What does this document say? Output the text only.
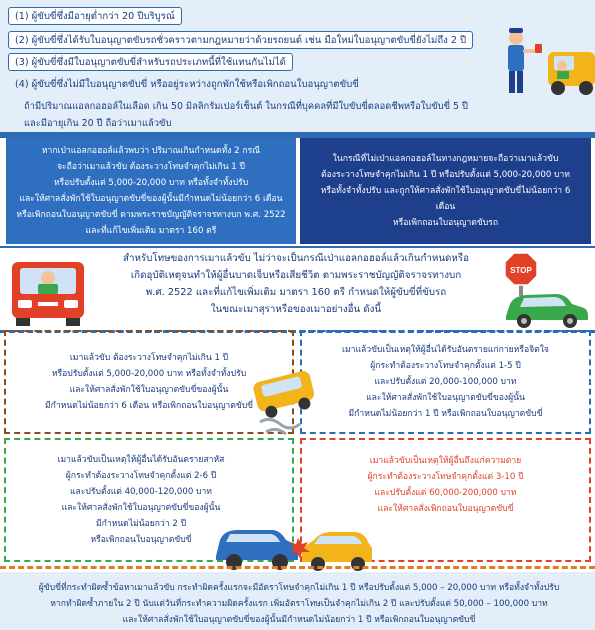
(1) ผู้ขับขี่ซึ่งมีอายุต่ำกว่า 20 ปีบริบูรณ์
(2) ผู้ขับขี่ซึ่งได้รับใบอนุญาตขับรถชั่วคราวตามกฎหมายว่าด้วยรถยนต์ เช่น มือใหม่ใบอนุญาตขับขี่ยังไม่ถึง 2 ปี
(3) ผู้ขับขี่ซึ่งมีใบอนุญาตขับขี่สำหรับรถประเภทนี้ที่ใช้แทนกันไม่ได้
(4) ผู้ขับขี่ซึ่งไม่มีใบอนุญาตขับขี่ หรืออยู่ระหว่างถูกพักใช้หรือเพิกถอนใบอนุญาตขับขี่
ถ้ามีปริมาณแอลกอฮอล์ในเลือด เกิน 50 มิลลิกรัมเปอร์เซ็นต์ ในกรณีที่บุคคลที่มีใบขับขี่ตลอดชีพหรือใบขับขี่ 5 ปี
และมีอายุเกิน 20 ปี ถือว่าเมาแล้วขับ
หากเป่าแอลกอฮอล์แล้วพบว่า ปริมาณเกินกำหนดทั้ง 2 กรณี
จะถือว่าเมาแล้วขับ ต้องระวางโทษจำคุกไม่เกิน 1 ปี
หรือปรับตั้งแต่ 5,000-20,000 บาท หรือทั้งจำทั้งปรับ
และให้ศาลสั่งพักใช้ใบอนุญาตขับขี่ของผู้นั้นมีกำหนดไม่น้อยกว่า 6 เดือน
หรือเพิกถอนใบอนุญาตขับขี่ ตามพระราชบัญญัติจราจรทางบก พ.ศ. 2522
และที่แก้ไขเพิ่มเติม มาตรา 160 ตรี
ในกรณีที่ไม่เป่าแอลกอฮอล์ในทางกฎหมายจะถือว่าเมาแล้วขับ
ต้องระวางโทษจำคุกไม่เกิน 1 ปี หรือปรับตั้งแต่ 5,000-20,000 บาท
หรือทั้งจำทั้งปรับ และถูกให้ศาลสั่งพักใช้ใบอนุญาตขับขี่ไม่น้อยกว่า 6 เดือน
หรือเพิกถอนใบอนุญาตขับรถ
สำหรับโทษของการเมาแล้วขับ ไม่ว่าจะเป็นกรณีเป่าแอลกอฮอล์แล้วเกินกำหนดหรือ
เกิดอุบัติเหตุจนทำให้ผู้อื่นบาดเจ็บหรือเสียชีวิต ตามพระราชบัญญัติจราจรทางบก
พ.ศ. 2522 และที่แก้ไขเพิ่มเติม มาตรา 160 ตรี กำหนดให้ผู้ขับขี่ที่ขับรถ
ในขณะเมาสุราหรือของเมาอย่างอื่น ดังนี้
STOP
เมาแล้วขับ ต้องระวางโทษจำคุกไม่เกิน 1 ปี
หรือปรับตั้งแต่ 5,000-20,000 บาท หรือทั้งจำทั้งปรับ
และให้ศาลสั่งพักใช้ใบอนุญาตขับขี่ของผู้นั้น
มีกำหนดไม่น้อยกว่า 6 เดือน หรือเพิกถอนใบอนุญาตขับขี่
เมาแล้วขับเป็นเหตุให้ผู้อื่นได้รับอันตรายแก่กายหรือจิตใจ
ผู้กระทำต้องระวางโทษจำคุกตั้งแต่ 1-5 ปี
และปรับตั้งแต่ 20,000-100,000 บาท
และให้ศาลสั่งพักใช้ใบอนุญาตขับขี่ของผู้นั้น
มีกำหนดไม่น้อยกว่า 1 ปี หรือเพิกถอนใบอนุญาตขับขี่
เมาแล้วขับเป็นเหตุให้ผู้อื่นได้รับอันตรายสาหัส
ผู้กระทำต้องระวางโทษจำคุกตั้งแต่ 2-6 ปี
และปรับตั้งแต่ 40,000-120,000 บาท
และให้ศาลสั่งพักใช้ใบอนุญาตขับขี่ของผู้นั้น
มีกำหนดไม่น้อยกว่า 2 ปี
หรือเพิกถอนใบอนุญาตขับขี่
เมาแล้วขับเป็นเหตุให้ผู้อื่นถึงแก่ความตาย
ผู้กระทำต้องระวางโทษจำคุกตั้งแต่ 3-10 ปี
และปรับตั้งแต่ 60,000-200,000 บาท
และให้ศาลสั่งเพิกถอนใบอนุญาตขับขี่
ผู้ขับขี่ที่กระทำผิดซ้ำข้อหาเมาแล้วขับ กระทำผิดครั้งแรกจะมีอัตราโทษจำคุกไม่เกิน 1 ปี หรือปรับตั้งแต่ 5,000 – 20,000 บาท หรือทั้งจำทั้งปรับ
หากทำผิดซ้ำภายใน 2 ปี นับแต่วันที่กระทำความผิดครั้งแรก เพิ่มอัตราโทษเป็นจำคุกไม่เกิน 2 ปี และปรับตั้งแต่ 50,000 – 100,000 บาท
และให้ศาลสั่งพักใช้ใบอนุญาตขับขี่ของผู้นั้นมีกำหนดไม่น้อยกว่า 1 ปี หรือเพิกถอนใบอนุญาตขับขี่
